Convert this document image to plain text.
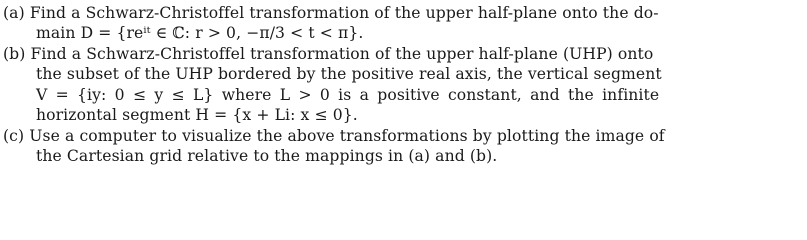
(a) Find a Schwarz-Christoffel transformation of the upper half-plane onto the do-
main D = {reⁱᵗ ∈ ℂ: r > 0, −π/3 < t < π}.
(b) Find a Schwarz-Christoffel transformation of the upper half-plane (UHP) onto
the subset of the UHP bordered by the positive real axis, the vertical segment
V = {iy: 0 ≤ y ≤ L} where L > 0 is a positive constant, and the infinite
horizontal segment H = {x + Li: x ≤ 0}.
(c) Use a computer to visualize the above transformations by plotting the image of
the Cartesian grid relative to the mappings in (a) and (b).
